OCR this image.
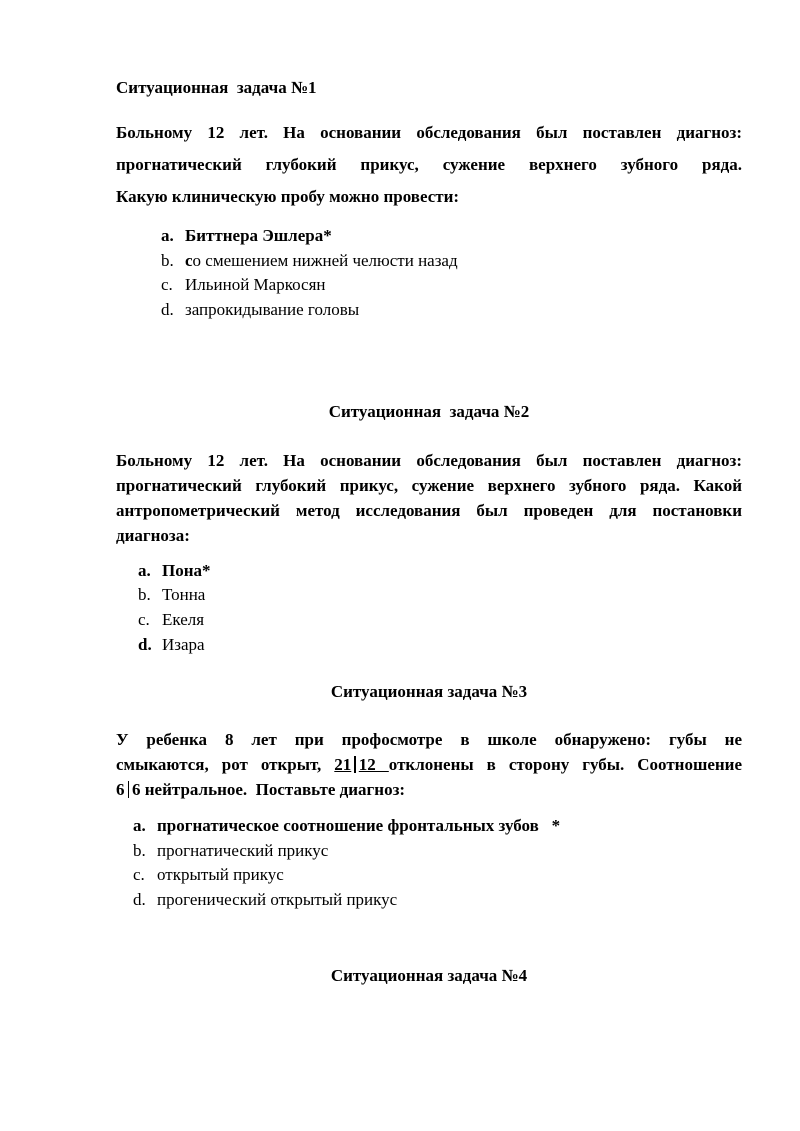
Ситуационная  задача №1
Больному 12 лет. На основании обследования был поставлен диагноз:
прогнатический глубокий прикус, сужение верхнего зубного ряда.
Какую клиническую пробу можно провести:
a. Биттнера Эшлера*
b. со смешением нижней челюсти назад
c. Ильиной Маркосян
d. запрокидывание головы
Ситуационная  задача №2
Больному 12 лет. На основании обследования был поставлен диагноз:
прогнатический глубокий прикус, сужение верхнего зубного ряда. Какой
антропометрический метод исследования был проведен для постановки
диагноза:
a. Пона*
b. Тонна
c. Екеля
d. Изара
Ситуационная задача №3
У ребенка 8 лет при профосмотре в школе обнаружено: губы не
смыкаются, рот открыт, 21 12 отклонены в сторону губы. Соотношение
6 6 нейтральное.  Поставьте диагноз:
a. прогнатическое соотношение фронтальных зубов   *
b. прогнатический прикус
c. открытый прикус
d. прогенический открытый прикус
Ситуационная задача №4
